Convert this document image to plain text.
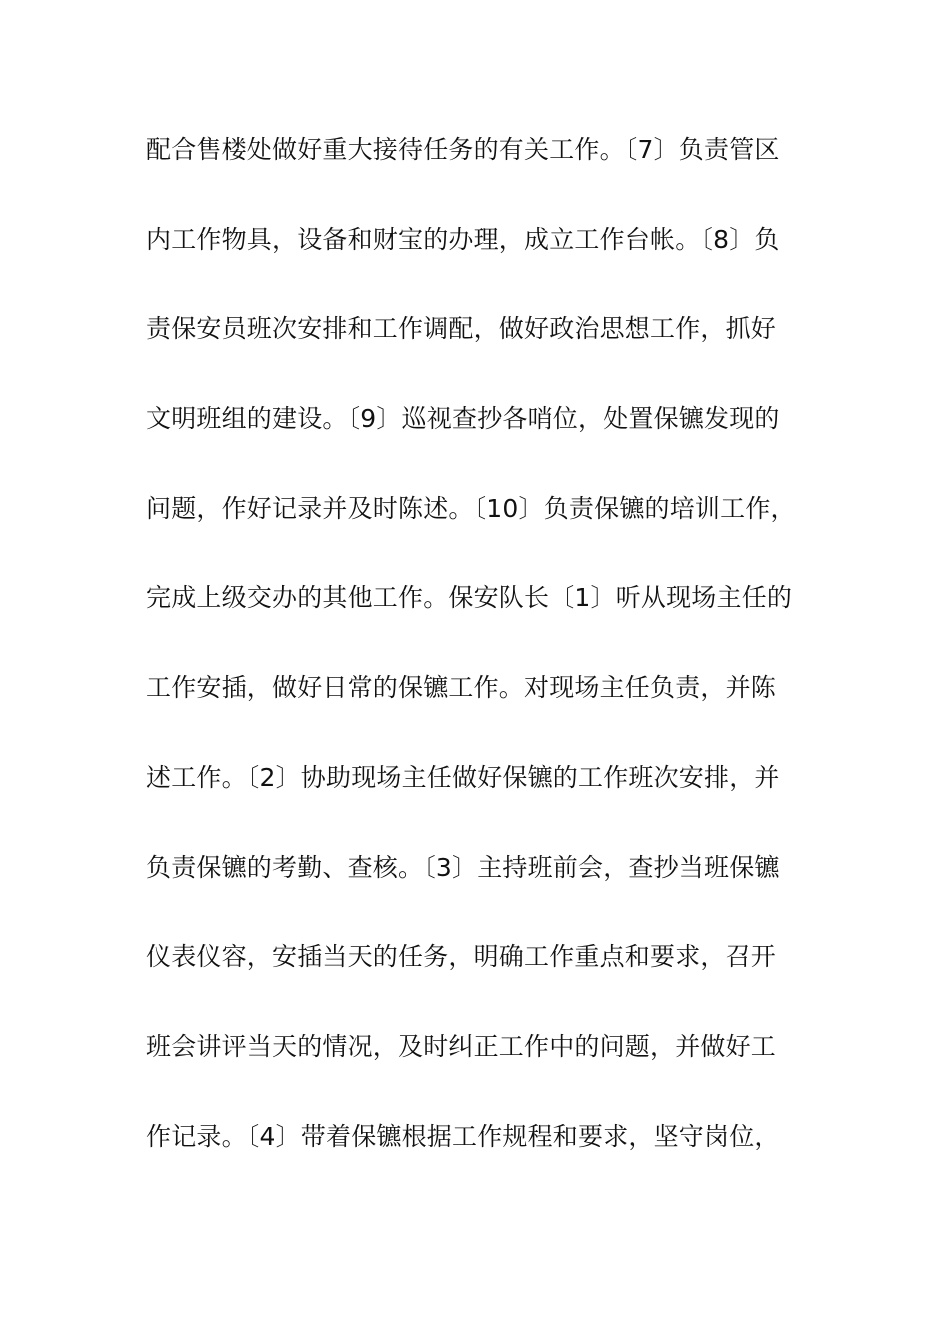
配合售楼处做好重大接待任务的有关工作。〔7〕负责管区
内工作物具，设备和财宝的办理，成立工作台帐。〔8〕负
责保安员班次安排和工作调配，做好政治思想工作，抓好
文明班组的建设。〔9〕巡视查抄各哨位，处置保镳发现的
问题，作好记录并及时陈述。〔10〕负责保镳的培训工作，
完成上级交办的其他工作。保安队长〔1〕听从现场主任的
工作安插，做好日常的保镳工作。对现场主任负责，并陈
述工作。〔2〕协助现场主任做好保镳的工作班次安排，并
负责保镳的考勤、查核。〔3〕主持班前会，查抄当班保镳
仪表仪容，安插当天的任务，明确工作重点和要求，召开
班会讲评当天的情况，及时纠正工作中的问题，并做好工
作记录。〔4〕带着保镳根据工作规程和要求，坚守岗位，
